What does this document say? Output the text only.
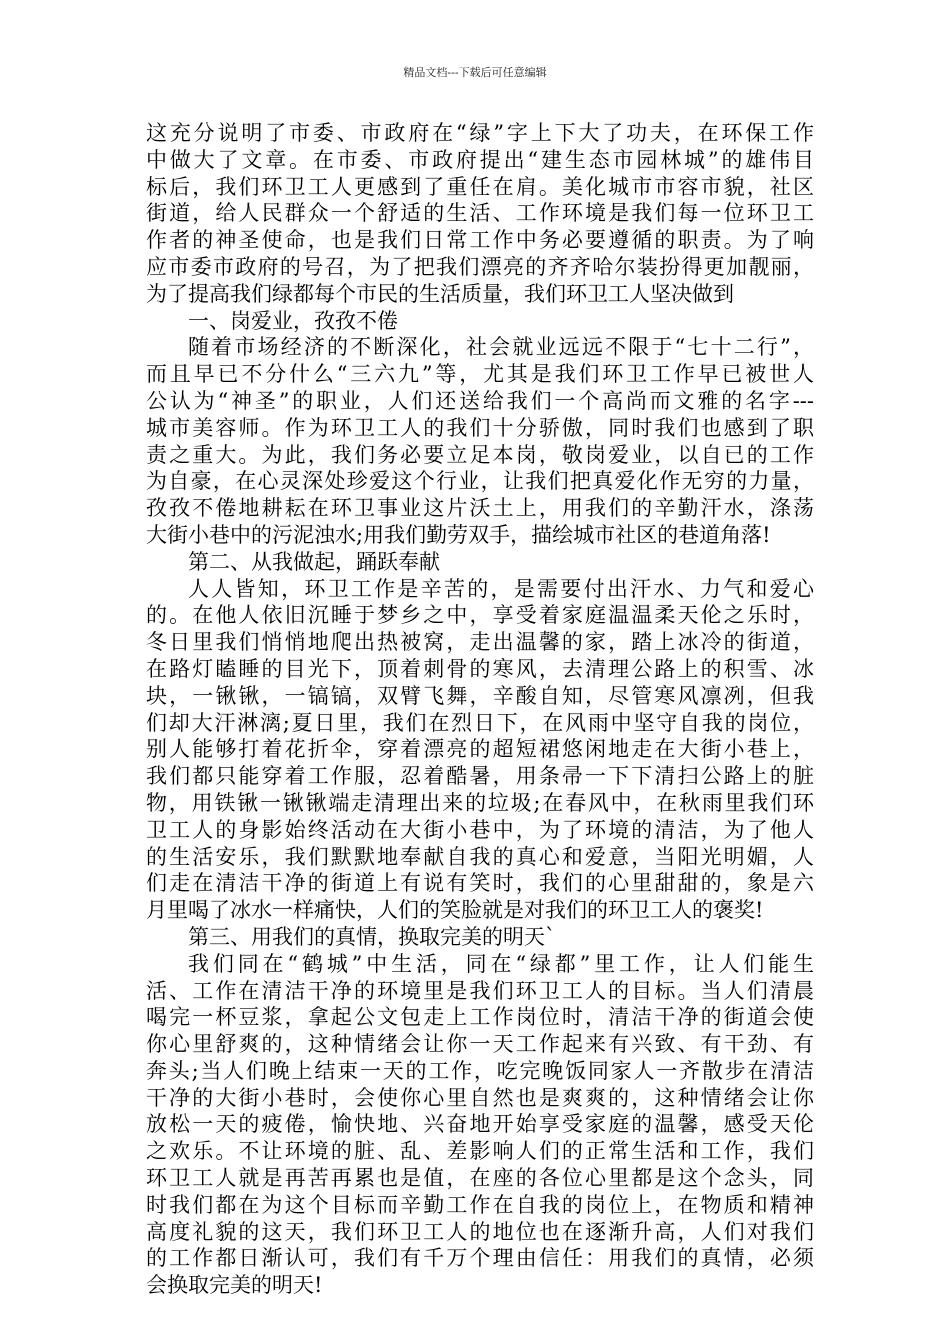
精品文档---下载后可任意编辑
这充分说明了市委、市政府在“绿”字上下大了功夫，在环保工作
中做大了文章。在市委、市政府提出“建生态市园林城”的雄伟目
标后，我们环卫工人更感到了重任在肩。美化城市市容市貌，社区
街道，给人民群众一个舒适的生活、工作环境是我们每一位环卫工
作者的神圣使命，也是我们日常工作中务必要遵循的职责。为了响
应市委市政府的号召，为了把我们漂亮的齐齐哈尔装扮得更加靓丽，
为了提高我们绿都每个市民的生活质量，我们环卫工人坚决做到
一、岗爱业，孜孜不倦
随着市场经济的不断深化，社会就业远远不限于“七十二行”，
而且早已不分什么“三六九”等，尤其是我们环卫工作早已被世人
公认为“神圣”的职业，人们还送给我们一个高尚而文雅的名字---
城市美容师。作为环卫工人的我们十分骄傲，同时我们也感到了职
责之重大。为此，我们务必要立足本岗，敬岗爱业，以自已的工作
为自豪，在心灵深处珍爱这个行业，让我们把真爱化作无穷的力量，
孜孜不倦地耕耘在环卫事业这片沃土上，用我们的辛勤汗水，涤荡
大街小巷中的污泥浊水;用我们勤劳双手，描绘城市社区的巷道角落!
第二、从我做起，踊跃奉献
人人皆知，环卫工作是辛苦的，是需要付出汗水、力气和爱心
的。在他人依旧沉睡于梦乡之中，享受着家庭温温柔天伦之乐时，
冬日里我们悄悄地爬出热被窝，走出温馨的家，踏上冰冷的街道，
在路灯瞌睡的目光下，顶着刺骨的寒风，去清理公路上的积雪、冰
块，一锹锹，一镐镐，双臂飞舞，辛酸自知，尽管寒风凛冽，但我
们却大汗淋漓;夏日里，我们在烈日下，在风雨中坚守自我的岗位，
别人能够打着花折伞，穿着漂亮的超短裙悠闲地走在大街小巷上，
我们都只能穿着工作服，忍着酷暑，用条帚一下下清扫公路上的脏
物，用铁锹一锹锹端走清理出来的垃圾;在春风中，在秋雨里我们环
卫工人的身影始终活动在大街小巷中，为了环境的清洁，为了他人
的生活安乐，我们默默地奉献自我的真心和爱意，当阳光明媚，人
们走在清洁干净的街道上有说有笑时，我们的心里甜甜的，象是六
月里喝了冰水一样痛快，人们的笑脸就是对我们的环卫工人的褒奖!
第三、用我们的真情，换取完美的明天`
我们同在“鹤城”中生活，同在“绿都”里工作，让人们能生
活、工作在清洁干净的环境里是我们环卫工人的目标。当人们清晨
喝完一杯豆浆，拿起公文包走上工作岗位时，清洁干净的街道会使
你心里舒爽的，这种情绪会让你一天工作起来有兴致、有干劲、有
奔头;当人们晚上结束一天的工作，吃完晚饭同家人一齐散步在清洁
干净的大街小巷时，会使你心里自然也是爽爽的，这种情绪会让你
放松一天的疲倦，愉快地、兴奋地开始享受家庭的温馨，感受天伦
之欢乐。不让环境的脏、乱、差影响人们的正常生活和工作，我们
环卫工人就是再苦再累也是值，在座的各位心里都是这个念头，同
时我们都在为这个目标而辛勤工作在自我的岗位上，在物质和精神
高度礼貌的这天，我们环卫工人的地位也在逐渐升高，人们对我们
的工作都日渐认可，我们有千万个理由信任：用我们的真情，必须
会换取完美的明天!
